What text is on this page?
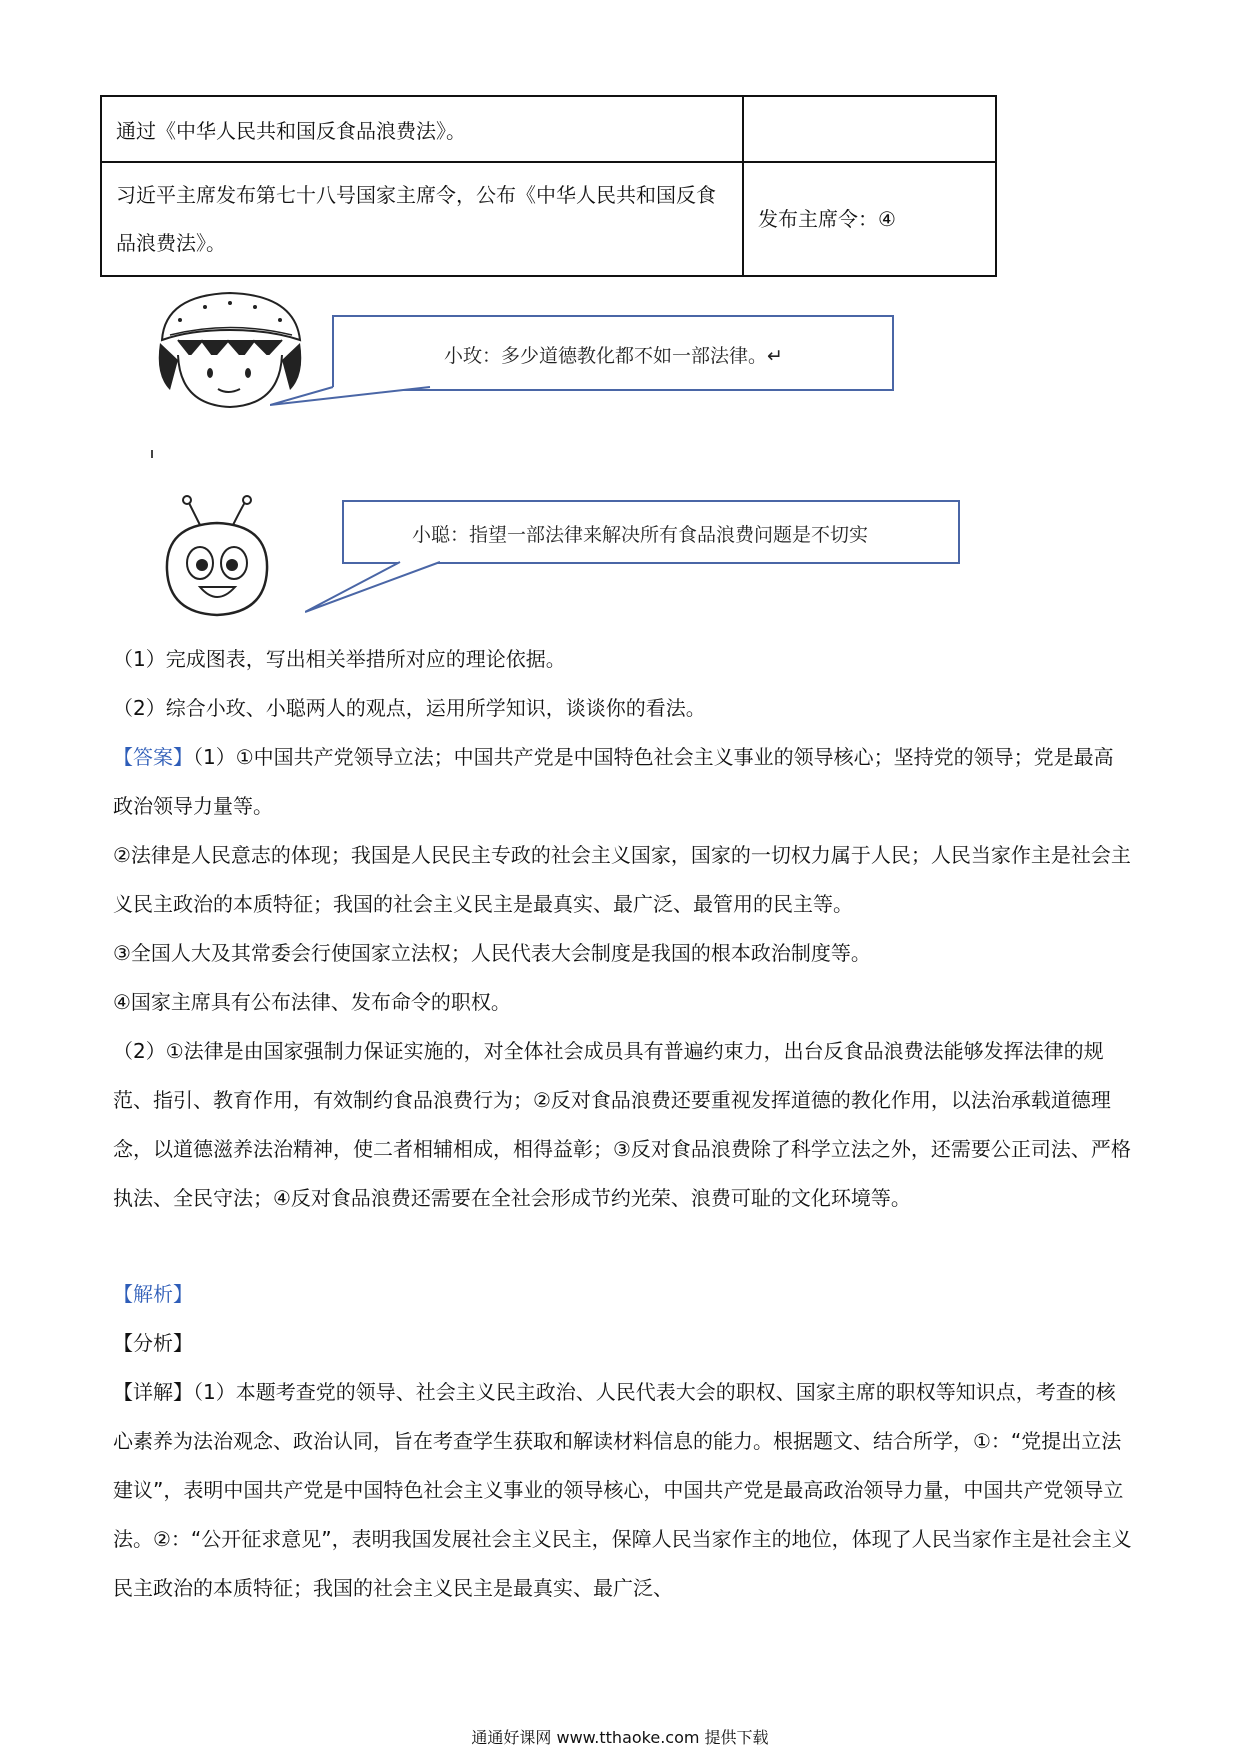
通过《中华人民共和国反食品浪费法》。	
习近平主席发布第七十八号国家主席令，公布《中华人民共和国反食品浪费法》。	发布主席令：④
小玫：多少道德教化都不如一部法律。↵
小聪：指望一部法律来解决所有食品浪费问题是不切实

（1）完成图表，写出相关举措所对应的理论依据。

（2）综合小玫、小聪两人的观点，运用所学知识，谈谈你的看法。

【答案】（1）①中国共产党领导立法；中国共产党是中国特色社会主义事业的领导核心；坚持党的领导；党是最高政治领导力量等。

②法律是人民意志的体现；我国是人民民主专政的社会主义国家，国家的一切权力属于人民；人民当家作主是社会主义民主政治的本质特征；我国的社会主义民主是最真实、最广泛、最管用的民主等。

③全国人大及其常委会行使国家立法权；人民代表大会制度是我国的根本政治制度等。

④国家主席具有公布法律、发布命令的职权。

（2）①法律是由国家强制力保证实施的，对全体社会成员具有普遍约束力，出台反食品浪费法能够发挥法律的规范、指引、教育作用，有效制约食品浪费行为；②反对食品浪费还要重视发挥道德的教化作用，以法治承载道德理念，以道德滋养法治精神，使二者相辅相成，相得益彰；③反对食品浪费除了科学立法之外，还需要公正司法、严格执法、全民守法；④反对食品浪费还需要在全社会形成节约光荣、浪费可耻的文化环境等。

【解析】

【分析】

【详解】（1）本题考查党的领导、社会主义民主政治、人民代表大会的职权、国家主席的职权等知识点，考查的核心素养为法治观念、政治认同，旨在考查学生获取和解读材料信息的能力。根据题文、结合所学，①：“党提出立法建议”，表明中国共产党是中国特色社会主义事业的领导核心，中国共产党是最高政治领导力量，中国共产党领导立法。②：“公开征求意见”，表明我国发展社会主义民主，保障人民当家作主的地位，体现了人民当家作主是社会主义民主政治的本质特征；我国的社会主义民主是最真实、最广泛、

通通好课网 www.tthaoke.com 提供下载
